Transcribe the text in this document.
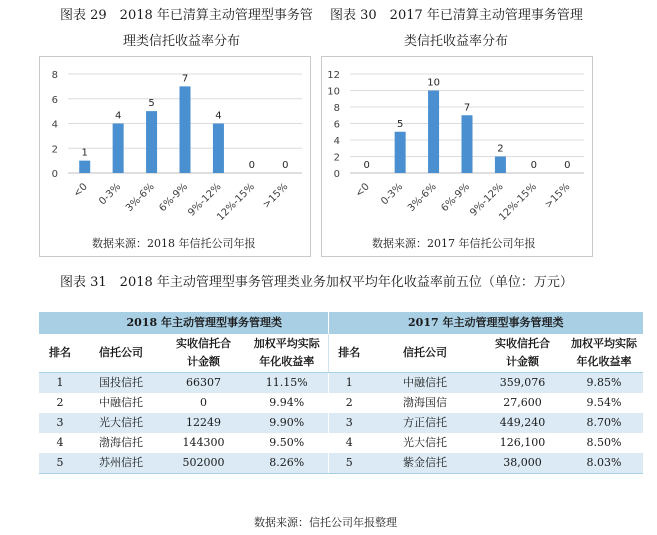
图表 29　2018 年已清算主动管理型事务管
理类信托收益率分布
图表 30　2017 年已清算主动管理事务管理
类信托收益率分布
0
2
4
6
8
1
<0
4
0-3%
5
3%-6%
7
6%-9%
4
9%-12%
0
12%-15%
0
>15%
数据来源：2018 年信托公司年报
0
2
4
6
8
10
12
0
<0
5
0-3%
10
3%-6%
7
6%-9%
2
9%-12%
0
12%-15%
0
>15%
数据来源：2017 年信托公司年报
图表 31　2018 年主动管理型事务管理类业务加权平均年化收益率前五位（单位：万元）
	2018 年主动管理型事务管理类			2017 年主动管理型事务管理类			
排名	信托公司	实收信托合
计金额	加权平均实际
年化收益率	排名	信托公司	实收信托合
计金额	加权平均实际
年化收益率

1	国投信托	66307	11.15%	1	中融信托	359,076	9.85%
2	中融信托	0	9.94%	2	渤海国信	27,600	9.54%
3	光大信托	12249	9.90%	3	方正信托	449,240	8.70%
4	渤海信托	144300	9.50%	4	光大信托	126,100	8.50%
5	苏州信托	502000	8.26%	5	紫金信托	38,000	8.03%
数据来源：信托公司年报整理
